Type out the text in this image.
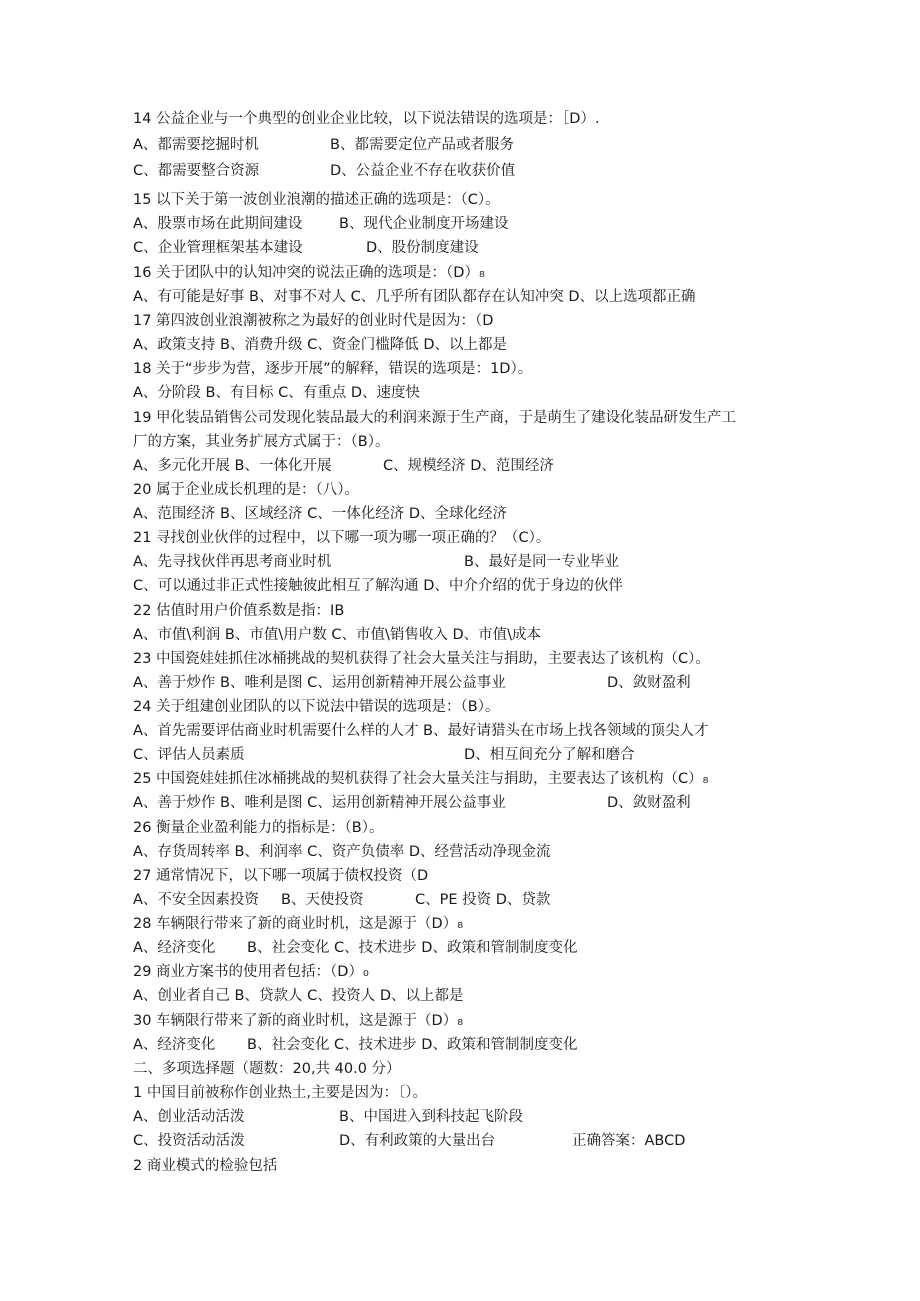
14 公益企业与一个典型的创业企业比较，以下说法错误的选项是：［D）.
A、都需要挖掘时机	B、都需要定位产品或者服务
C、都需要整合资源	D、公益企业不存在收获价值
15 以下关于第一波创业浪潮的描述正确的选项是：（C）。
A、股票市场在此期间建设	B、现代企业制度开场建设
C、企业管理框架基本建设	D、股份制度建设
16 关于团队中的认知冲突的说法正确的选项是：（D）₈
A、有可能是好事 B、对事不对人 C、几乎所有团队都存在认知冲突 D、以上选项都正确
17 第四波创业浪潮被称之为最好的创业时代是因为：（D
A、政策支持 B、消费升级 C、资金门槛降低 D、以上都是
18 关于“步步为营，逐步开展”的解释，错误的选项是：1D）。
A、分阶段 B、有目标 C、有重点 D、速度快
19 甲化装品销售公司发现化装品最大的利润来源于生产商，于是萌生了建设化装品研发生产工
厂的方案，其业务扩展方式属于：（B）。
A、多元化开展 B、一体化开展	C、规模经济 D、范围经济
20 属于企业成长机理的是：（八）。
A、范围经济 B、区域经济 C、一体化经济 D、全球化经济
21 寻找创业伙伴的过程中，以下哪一项为哪一项正确的？（C）。
A、先寻找伙伴再思考商业时机	B、最好是同一专业毕业
C、可以通过非正式性接触彼此相互了解沟通 D、中介介绍的优于身边的伙伴
22 估值时用户价值系数是指：IB
A、市值\利润 B、市值\用户数 C、市值\销售收入 D、市值\成本
23 中国瓷娃娃抓住冰桶挑战的契机获得了社会大量关注与捐助，主要表达了该机构（C）。
A、善于炒作 B、唯利是图 C、运用创新精神开展公益事业	D、敛财盈利
24 关于组建创业团队的以下说法中错误的选项是：（B）。
A、首先需要评估商业时机需要什么样的人才 B、最好请猎头在市场上找各领域的顶尖人才
C、评估人员素质	D、相互间充分了解和磨合
25 中国瓷娃娃抓住冰桶挑战的契机获得了社会大量关注与捐助，主要表达了该机构（C）₈
A、善于炒作 B、唯利是图 C、运用创新精神开展公益事业	D、敛财盈利
26 衡量企业盈利能力的指标是：（B）。
A、存货周转率 B、利润率 C、资产负债率 D、经营活动净现金流
27 通常情况下，以下哪一项属于债权投资（D
A、不安全因素投资 B、天使投资	C、PE 投资 D、贷款
28 车辆限行带来了新的商业时机，这是源于（D）₈
A、经济变化 B、社会变化 C、技术进步 D、政策和管制制度变化
29 商业方案书的使用者包括：（D）₀
A、创业者自己 B、贷款人 C、投资人 D、以上都是
30 车辆限行带来了新的商业时机，这是源于（D）₈
A、经济变化 B、社会变化 C、技术进步 D、政策和管制制度变化
二、多项选择题（题数：20,共 40.0 分）
1 中国目前被称作创业热土,主要是因为：〔）。
A、创业活动活泼	B、中国进入到科技起飞阶段
C、投资活动活泼	D、有利政策的大量出台	正确答案：ABCD
2 商业模式的检验包括
